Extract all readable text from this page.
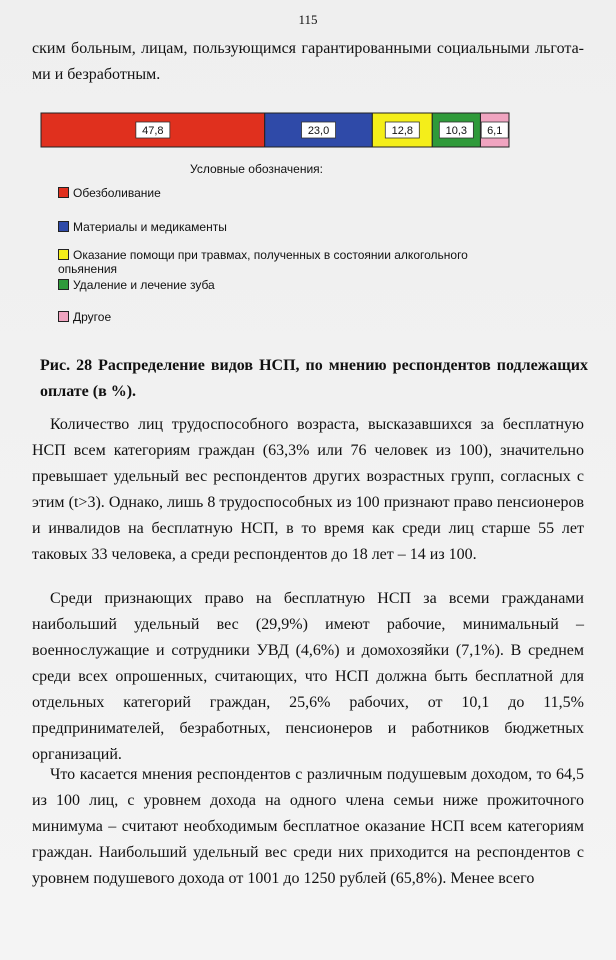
115

ским больным, лицам, пользующимся гарантированными социальными льгота-ми и безработным.

47,8	23,0	12,8	10,3 6,1
Условные обозначения:
Обезболивание
Материалы и медикаменты
Оказание помощи при травмах, полученных в состоянии алкогольного опьянения
Удаление и лечение зуба
Другое
Рис. 28 Распределение видов НСП, по мнению респондентов подлежащих оплате (в %).

Количество лиц трудоспособного возраста, высказавшихся за бесплатную НСП всем категориям граждан (63,3% или 76 человек из 100), значительно превышает удельный вес респондентов других возрастных групп, согласных с этим (t>3). Однако, лишь 8 трудоспособных из 100 признают право пенсионеров и инвалидов на бесплатную НСП, в то время как среди лиц старше 55 лет таковых 33 человека, а среди респондентов до 18 лет – 14 из 100.

Среди признающих право на бесплатную НСП за всеми гражданами наибольший удельный вес (29,9%) имеют рабочие, минимальный – военнослужащие и сотрудники УВД (4,6%) и домохозяйки (7,1%). В среднем среди всех опрошенных, считающих, что НСП должна быть бесплатной для отдельных категорий граждан, 25,6% рабочих, от 10,1 до 11,5% предпринимателей, безработных, пенсионеров и работников бюджетных организаций.

Что касается мнения респондентов с различным подушевым доходом, то 64,5 из 100 лиц, с уровнем дохода на одного члена семьи ниже прожиточного минимума – считают необходимым бесплатное оказание НСП всем категориям граждан. Наибольший удельный вес среди них приходится на респондентов с уровнем подушевого дохода от 1001 до 1250 рублей (65,8%). Менее всего
